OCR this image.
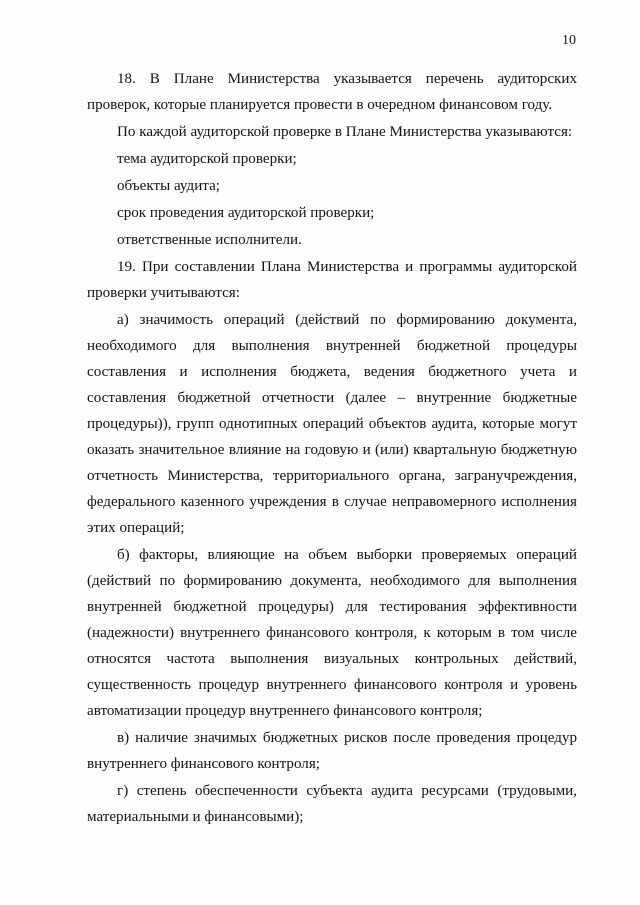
10

18. В Плане Министерства указывается перечень аудиторских проверок, которые планируется провести в очередном финансовом году.

По каждой аудиторской проверке в Плане Министерства указываются:

тема аудиторской проверки;

объекты аудита;

срок проведения аудиторской проверки;

ответственные исполнители.

19. При составлении Плана Министерства и программы аудиторской проверки учитываются:

а) значимость операций (действий по формированию документа, необходимого для выполнения внутренней бюджетной процедуры составления и исполнения бюджета, ведения бюджетного учета и составления бюджетной отчетности (далее – внутренние бюджетные процедуры)), групп однотипных операций объектов аудита, которые могут оказать значительное влияние на годовую и (или) квартальную бюджетную отчетность Министерства, территориального органа, загранучреждения, федерального казенного учреждения в случае неправомерного исполнения этих операций;

б) факторы, влияющие на объем выборки проверяемых операций (действий по формированию документа, необходимого для выполнения внутренней бюджетной процедуры) для тестирования эффективности (надежности) внутреннего финансового контроля, к которым в том числе относятся частота выполнения визуальных контрольных действий, существенность процедур внутреннего финансового контроля и уровень автоматизации процедур внутреннего финансового контроля;

в) наличие значимых бюджетных рисков после проведения процедур внутреннего финансового контроля;

г) степень обеспеченности субъекта аудита ресурсами (трудовыми, материальными и финансовыми);
